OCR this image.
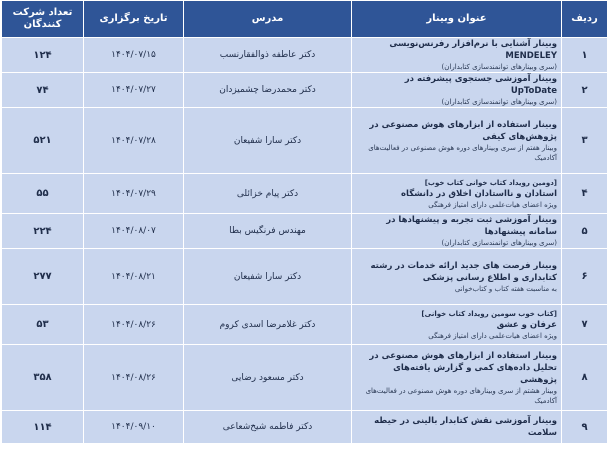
ردیف	عنوان وبینار	مدرس	تاریخ برگزاری	تعداد شرکت کنندگان
۱	وبینار آشنایی با نرم‌افزار رفرنس‌نویسی MENDELEY
(سری وبینارهای توانمندسازی کتابداران)	دکتر عاطفه ذوالفقارنسب	۱۴۰۴/۰۷/۱۵	۱۲۴
۲	وبینار آموزشی جستجوی پیشرفته در UpToDate
(سری وبینارهای توانمندسازی کتابداران)	دکتر محمدرضا چشمیزدان	۱۴۰۴/۰۷/۲۷	۷۴
۳	وبینار استفاده از ابزارهای هوش مصنوعی در پژوهش‌های کیفی
وبینار هفتم از سری وبینارهای دوره هوش مصنوعی در فعالیت‌های آکادمیک	دکتر سارا شفیعان	۱۴۰۴/۰۷/۲۸	۵۲۱
۴	[دومین رویداد کتاب خوانی کتاب خوب]
استادان و نااستادان اخلاق در دانشگاه
ویژه اعضای هیات‌علمی دارای امتیاز فرهنگی	دکتر پیام خزائلی	۱۴۰۴/۰۷/۲۹	۵۵
۵	وبینار آموزشی ثبت تجربه و پیشنهادها در سامانه پیشنهادها
(سری وبینارهای توانمندسازی کتابداران)	مهندس فرنگیس بطا	۱۴۰۴/۰۸/۰۷	۲۲۴
۶	وبینار فرصت های جدید ارائه خدمات در رشته کتابداری و اطلاع رسانی پزشکی
به مناسبت هفته کتاب و کتاب‌خوانی	دکتر سارا شفیعان	۱۴۰۴/۰۸/۲۱	۲۷۷
۷	[کتاب خوب سومین رویداد کتاب خوانی]
عرفان و عشق
ویژه اعضای هیات‌علمی دارای امتیاز فرهنگی	دکتر غلامرضا اسدی کروم	۱۴۰۴/۰۸/۲۶	۵۳
۸	وبینار استفاده از ابزارهای هوش مصنوعی در تحلیل داده‌های کمی و گزارش یافته‌های پژوهشی
وبینار هشتم از سری وبینارهای دوره هوش مصنوعی در فعالیت‌های آکادمیک	دکتر مسعود رضایی	۱۴۰۴/۰۸/۲۶	۳۵۸
۹	وبینار آموزشی نقش کتابدار بالینی در حیطه سلامت	دکتر فاطمه شیخ‌شعاعی	۱۴۰۴/۰۹/۱۰	۱۱۴
